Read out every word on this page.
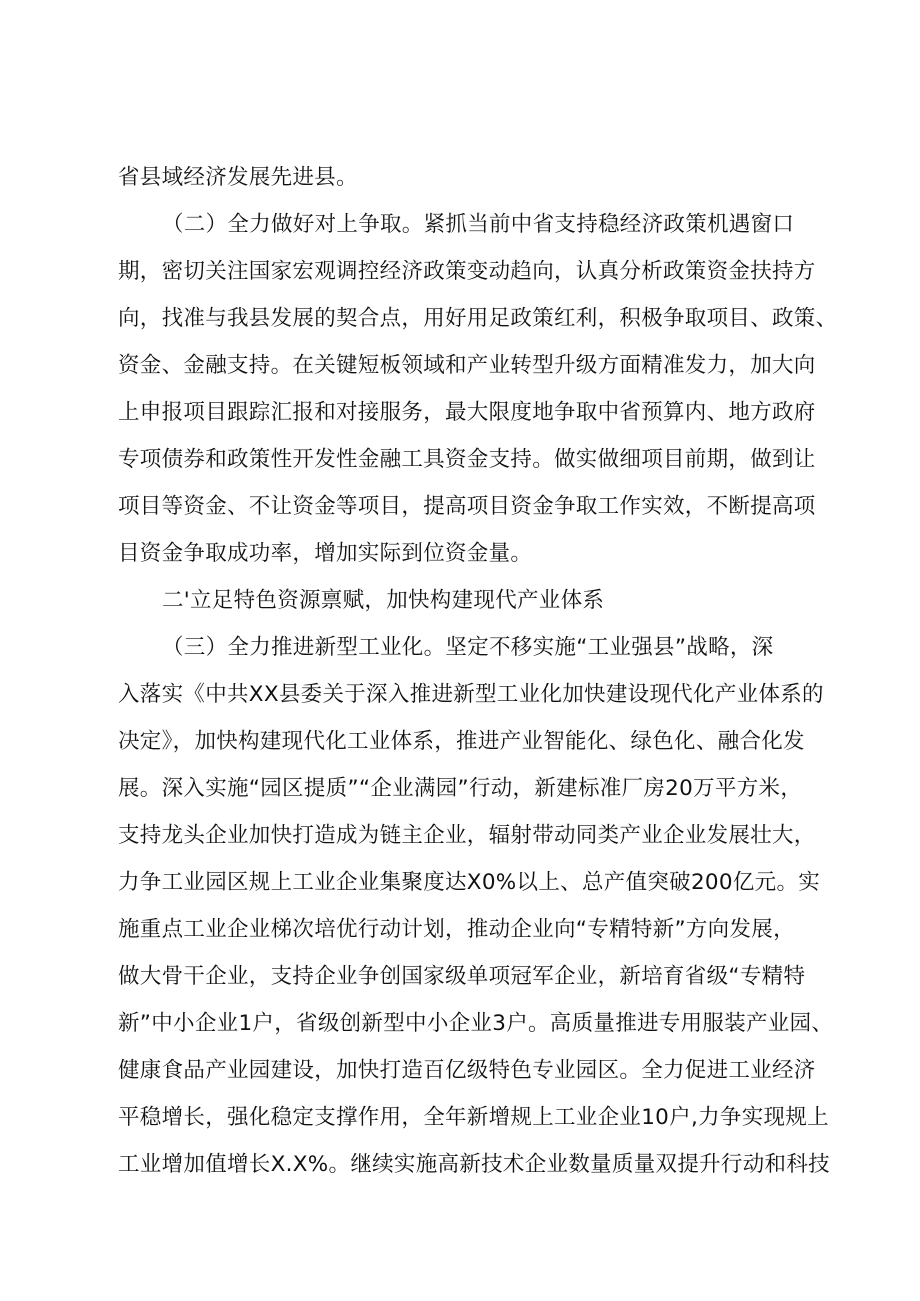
省县域经济发展先进县。

（二）全力做好对上争取。紧抓当前中省支持稳经济政策机遇窗口

期，密切关注国家宏观调控经济政策变动趋向，认真分析政策资金扶持方

向，找准与我县发展的契合点，用好用足政策红利，积极争取项目、政策、

资金、金融支持。在关键短板领域和产业转型升级方面精准发力，加大向

上申报项目跟踪汇报和对接服务，最大限度地争取中省预算内、地方政府

专项债券和政策性开发性金融工具资金支持。做实做细项目前期，做到让

项目等资金、不让资金等项目，提高项目资金争取工作实效，不断提高项

目资金争取成功率，增加实际到位资金量。

二'立足特色资源禀赋，加快构建现代产业体系

（三）全力推进新型工业化。坚定不移实施“工业强县”战略，深

入落实《中共XX县委关于深入推进新型工业化加快建设现代化产业体系的

决定》，加快构建现代化工业体系，推进产业智能化、绿色化、融合化发

展。深入实施“园区提质”“企业满园”行动，新建标准厂房20万平方米，

支持龙头企业加快打造成为链主企业，辐射带动同类产业企业发展壮大，

力争工业园区规上工业企业集聚度达X0%以上、总产值突破200亿元。实

施重点工业企业梯次培优行动计划，推动企业向“专精特新”方向发展，

做大骨干企业，支持企业争创国家级单项冠军企业，新培育省级“专精特

新”中小企业1户，省级创新型中小企业3户。高质量推进专用服装产业园、

健康食品产业园建设，加快打造百亿级特色专业园区。全力促进工业经济

平稳增长，强化稳定支撑作用，全年新增规上工业企业10户,力争实现规上

工业增加值增长X.X%。继续实施高新技术企业数量质量双提升行动和科技
